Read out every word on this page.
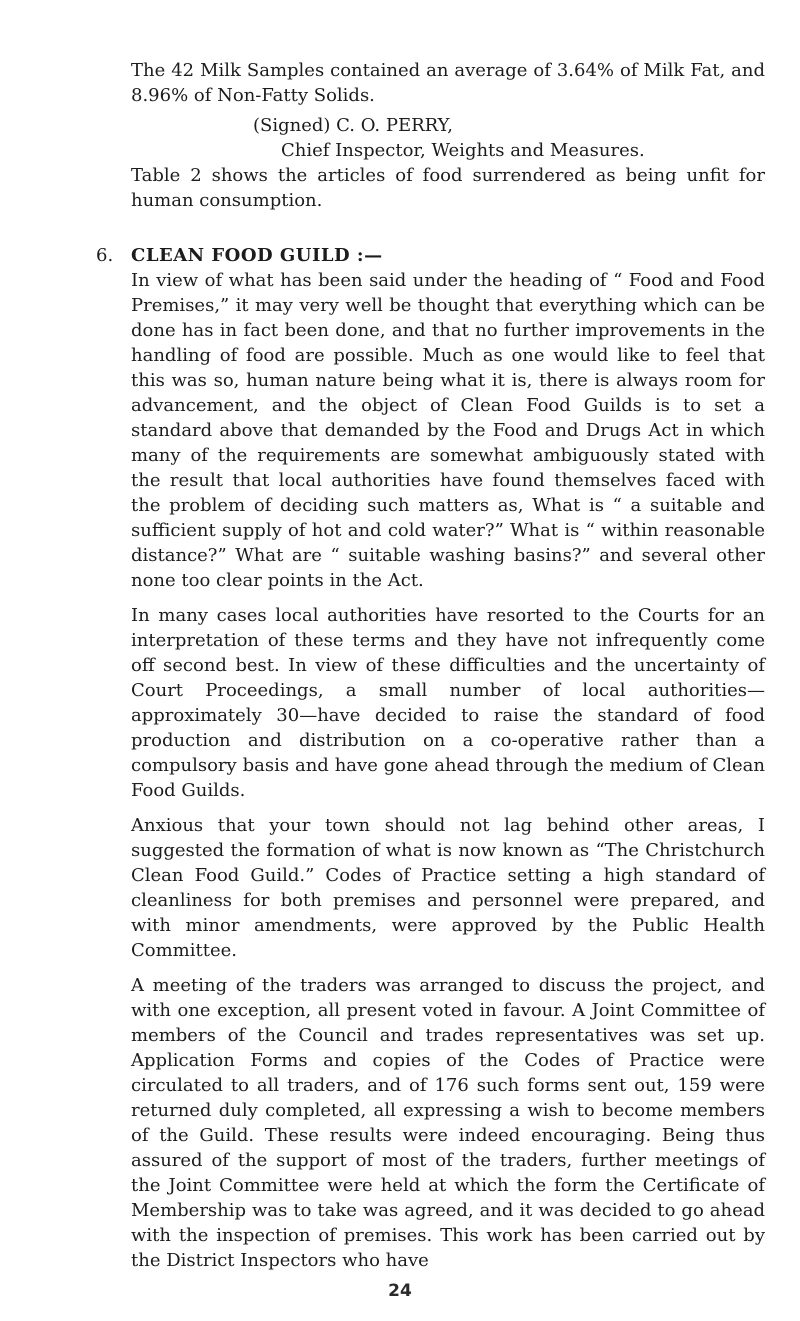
The 42 Milk Samples contained an average of 3.64% of Milk Fat, and 8.96% of Non-Fatty Solids.

(Signed) C. O. PERRY,
Chief Inspector, Weights and Measures.

Table 2 shows the articles of food surrendered as being unfit for human consumption.

6. CLEAN FOOD GUILD :—

In view of what has been said under the heading of “ Food and Food Premises,” it may very well be thought that everything which can be done has in fact been done, and that no further improvements in the handling of food are possible. Much as one would like to feel that this was so, human nature being what it is, there is always room for advancement, and the object of Clean Food Guilds is to set a standard above that demanded by the Food and Drugs Act in which many of the requirements are somewhat ambiguously stated with the result that local authorities have found themselves faced with the problem of deciding such matters as, What is “ a suitable and sufficient supply of hot and cold water?” What is “ within reasonable distance?” What are “ suitable washing basins?” and several other none too clear points in the Act.

In many cases local authorities have resorted to the Courts for an interpretation of these terms and they have not infrequently come off second best. In view of these difficulties and the uncertainty of Court Proceedings, a small number of local authorities—approximately 30—have decided to raise the standard of food production and distribution on a co-operative rather than a compulsory basis and have gone ahead through the medium of Clean Food Guilds.

Anxious that your town should not lag behind other areas, I suggested the formation of what is now known as “The Christchurch Clean Food Guild.” Codes of Practice setting a high standard of cleanliness for both premises and personnel were prepared, and with minor amendments, were approved by the Public Health Committee.

A meeting of the traders was arranged to discuss the project, and with one exception, all present voted in favour. A Joint Committee of members of the Council and trades representatives was set up. Application Forms and copies of the Codes of Practice were circulated to all traders, and of 176 such forms sent out, 159 were returned duly completed, all expressing a wish to become members of the Guild. These results were indeed encouraging. Being thus assured of the support of most of the traders, further meetings of the Joint Committee were held at which the form the Certificate of Membership was to take was agreed, and it was decided to go ahead with the inspection of premises. This work has been carried out by the District Inspectors who have

24
